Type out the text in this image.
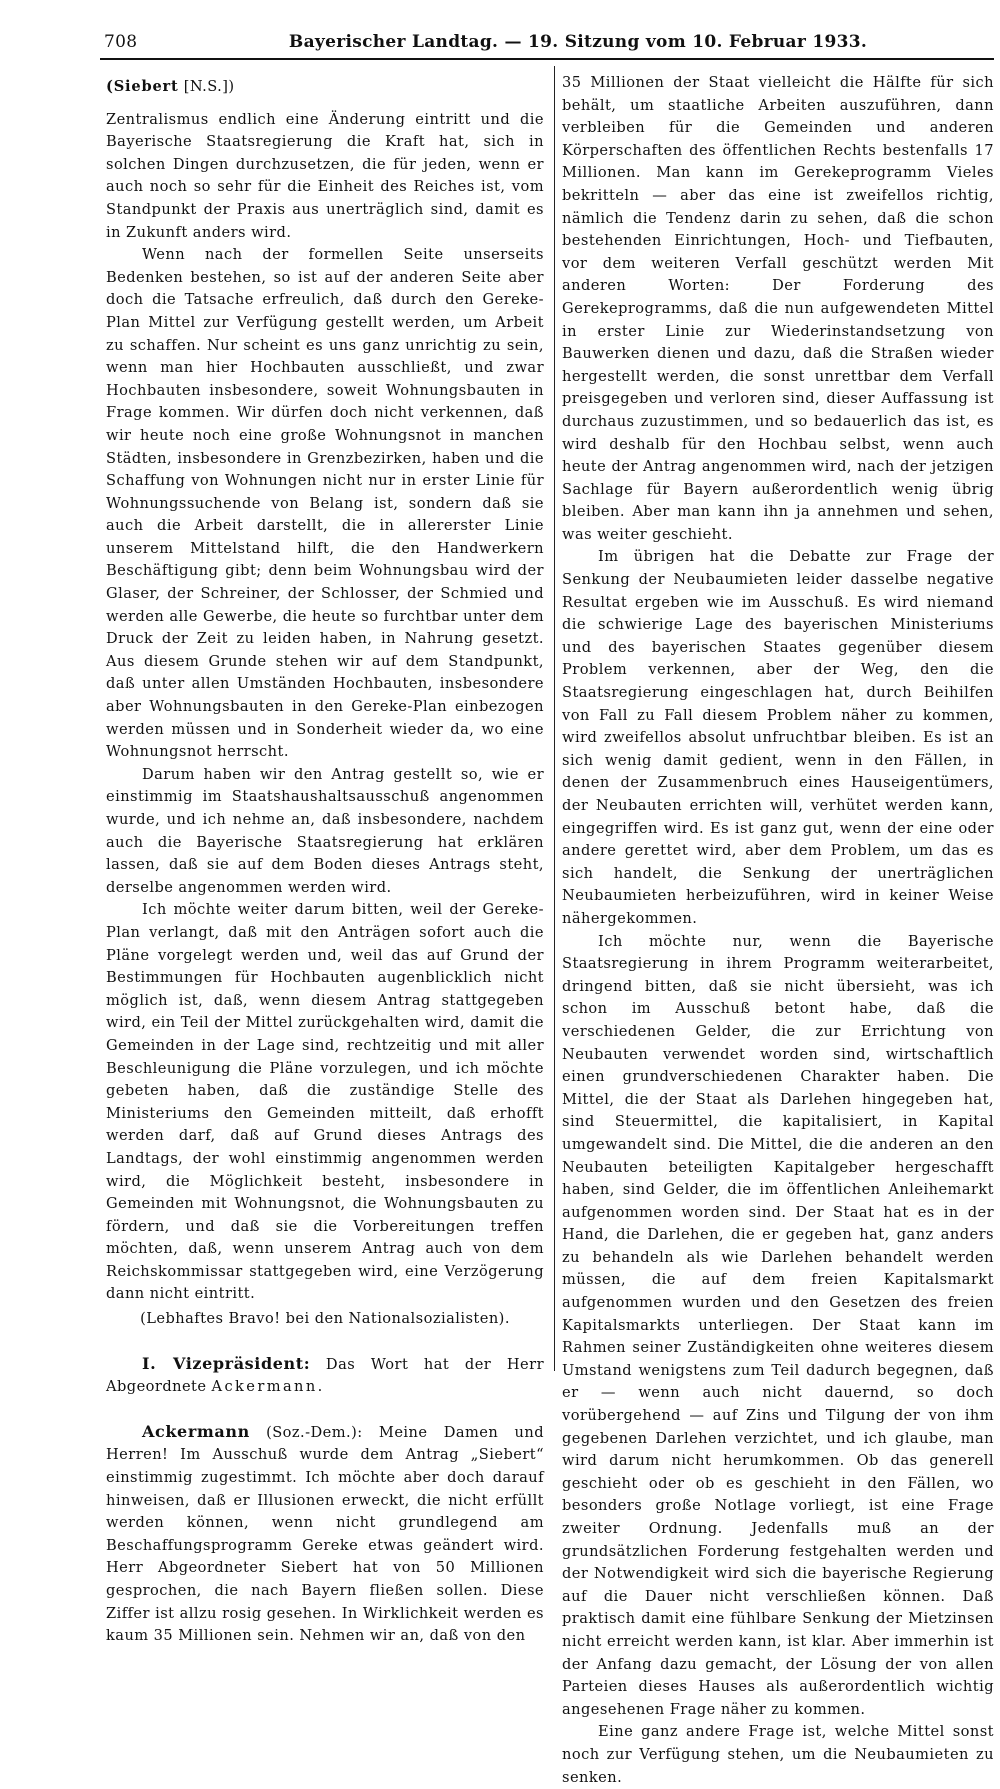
708	Bayerischer Landtag. — 19. Sitzung vom 10. Februar 1933.

(Siebert [N.S.])

Zentralismus endlich eine Änderung eintritt und die Bayerische Staatsregierung die Kraft hat, sich in solchen Dingen durchzusetzen, die für jeden, wenn er auch noch so sehr für die Einheit des Reiches ist, vom Standpunkt der Praxis aus unerträglich sind, damit es in Zukunft anders wird.

Wenn nach der formellen Seite unserseits Bedenken bestehen, so ist auf der anderen Seite aber doch die Tatsache erfreulich, daß durch den Gereke-Plan Mittel zur Verfügung gestellt werden, um Arbeit zu schaffen. Nur scheint es uns ganz unrichtig zu sein, wenn man hier Hochbauten ausschließt, und zwar Hochbauten insbesondere, soweit Wohnungsbauten in Frage kommen. Wir dürfen doch nicht verkennen, daß wir heute noch eine große Wohnungsnot in manchen Städten, insbesondere in Grenzbezirken, haben und die Schaffung von Wohnungen nicht nur in erster Linie für Wohnungssuchende von Belang ist, sondern daß sie auch die Arbeit darstellt, die in allererster Linie unserem Mittelstand hilft, die den Handwerkern Beschäftigung gibt; denn beim Wohnungsbau wird der Glaser, der Schreiner, der Schlosser, der Schmied und werden alle Gewerbe, die heute so furchtbar unter dem Druck der Zeit zu leiden haben, in Nahrung gesetzt. Aus diesem Grunde stehen wir auf dem Standpunkt, daß unter allen Umständen Hochbauten, insbesondere aber Wohnungsbauten in den Gereke-Plan einbezogen werden müssen und in Sonderheit wieder da, wo eine Wohnungsnot herrscht.

Darum haben wir den Antrag gestellt so, wie er einstimmig im Staatshaushaltsausschuß angenommen wurde, und ich nehme an, daß insbesondere, nachdem auch die Bayerische Staatsregierung hat erklären lassen, daß sie auf dem Boden dieses Antrags steht, derselbe angenommen werden wird.

Ich möchte weiter darum bitten, weil der Gereke-Plan verlangt, daß mit den Anträgen sofort auch die Pläne vorgelegt werden und, weil das auf Grund der Bestimmungen für Hochbauten augenblicklich nicht möglich ist, daß, wenn diesem Antrag stattgegeben wird, ein Teil der Mittel zurückgehalten wird, damit die Gemeinden in der Lage sind, rechtzeitig und mit aller Beschleunigung die Pläne vorzulegen, und ich möchte gebeten haben, daß die zuständige Stelle des Ministeriums den Gemeinden mitteilt, daß erhofft werden darf, daß auf Grund dieses Antrags des Landtags, der wohl einstimmig angenommen werden wird, die Möglichkeit besteht, insbesondere in Gemeinden mit Wohnungsnot, die Wohnungsbauten zu fördern, und daß sie die Vorbereitungen treffen möchten, daß, wenn unserem Antrag auch von dem Reichskommissar stattgegeben wird, eine Verzögerung dann nicht eintritt.

(Lebhaftes Bravo! bei den Nationalsozialisten).

I. Vizepräsident: Das Wort hat der Herr Abgeordnete Ackermann.

Ackermann (Soz.-Dem.): Meine Damen und Herren! Im Ausschuß wurde dem Antrag „Siebert“ einstimmig zugestimmt. Ich möchte aber doch darauf hinweisen, daß er Illusionen erweckt, die nicht erfüllt werden können, wenn nicht grundlegend am Beschaffungsprogramm Gereke etwas geändert wird. Herr Abgeordneter Siebert hat von 50 Millionen gesprochen, die nach Bayern fließen sollen. Diese Ziffer ist allzu rosig gesehen. In Wirklichkeit werden es kaum 35 Millionen sein. Nehmen wir an, daß von den

35 Millionen der Staat vielleicht die Hälfte für sich behält, um staatliche Arbeiten auszuführen, dann verbleiben für die Gemeinden und anderen Körperschaften des öffentlichen Rechts bestenfalls 17 Millionen. Man kann im Gerekeprogramm Vieles bekritteln — aber das eine ist zweifellos richtig, nämlich die Tendenz darin zu sehen, daß die schon bestehenden Einrichtungen, Hoch- und Tiefbauten, vor dem weiteren Verfall geschützt werden Mit anderen Worten: Der Forderung des Gerekeprogramms, daß die nun aufgewendeten Mittel in erster Linie zur Wiederinstandsetzung von Bauwerken dienen und dazu, daß die Straßen wieder hergestellt werden, die sonst unrettbar dem Verfall preisgegeben und verloren sind, dieser Auffassung ist durchaus zuzustimmen, und so bedauerlich das ist, es wird deshalb für den Hochbau selbst, wenn auch heute der Antrag angenommen wird, nach der jetzigen Sachlage für Bayern außerordentlich wenig übrig bleiben. Aber man kann ihn ja annehmen und sehen, was weiter geschieht.

Im übrigen hat die Debatte zur Frage der Senkung der Neubaumieten leider dasselbe negative Resultat ergeben wie im Ausschuß. Es wird niemand die schwierige Lage des bayerischen Ministeriums und des bayerischen Staates gegenüber diesem Problem verkennen, aber der Weg, den die Staatsregierung eingeschlagen hat, durch Beihilfen von Fall zu Fall diesem Problem näher zu kommen, wird zweifellos absolut unfruchtbar bleiben. Es ist an sich wenig damit gedient, wenn in den Fällen, in denen der Zusammenbruch eines Hauseigentümers, der Neubauten errichten will, verhütet werden kann, eingegriffen wird. Es ist ganz gut, wenn der eine oder andere gerettet wird, aber dem Problem, um das es sich handelt, die Senkung der unerträglichen Neubaumieten herbeizuführen, wird in keiner Weise nähergekommen.

Ich möchte nur, wenn die Bayerische Staatsregierung in ihrem Programm weiterarbeitet, dringend bitten, daß sie nicht übersieht, was ich schon im Ausschuß betont habe, daß die verschiedenen Gelder, die zur Errichtung von Neubauten verwendet worden sind, wirtschaftlich einen grundverschiedenen Charakter haben. Die Mittel, die der Staat als Darlehen hingegeben hat, sind Steuermittel, die kapitalisiert, in Kapital umgewandelt sind. Die Mittel, die die anderen an den Neubauten beteiligten Kapitalgeber hergeschafft haben, sind Gelder, die im öffentlichen Anleihemarkt aufgenommen worden sind. Der Staat hat es in der Hand, die Darlehen, die er gegeben hat, ganz anders zu behandeln als wie Darlehen behandelt werden müssen, die auf dem freien Kapitalsmarkt aufgenommen wurden und den Gesetzen des freien Kapitalsmarkts unterliegen. Der Staat kann im Rahmen seiner Zuständigkeiten ohne weiteres diesem Umstand wenigstens zum Teil dadurch begegnen, daß er — wenn auch nicht dauernd, so doch vorübergehend — auf Zins und Tilgung der von ihm gegebenen Darlehen verzichtet, und ich glaube, man wird darum nicht herumkommen. Ob das generell geschieht oder ob es geschieht in den Fällen, wo besonders große Notlage vorliegt, ist eine Frage zweiter Ordnung. Jedenfalls muß an der grundsätzlichen Forderung festgehalten werden und der Notwendigkeit wird sich die bayerische Regierung auf die Dauer nicht verschließen können. Daß praktisch damit eine fühlbare Senkung der Mietzinsen nicht erreicht werden kann, ist klar. Aber immerhin ist der Anfang dazu gemacht, der Lösung der von allen Parteien dieses Hauses als außerordentlich wichtig angesehenen Frage näher zu kommen.

Eine ganz andere Frage ist, welche Mittel sonst noch zur Verfügung stehen, um die Neubaumieten zu senken.
